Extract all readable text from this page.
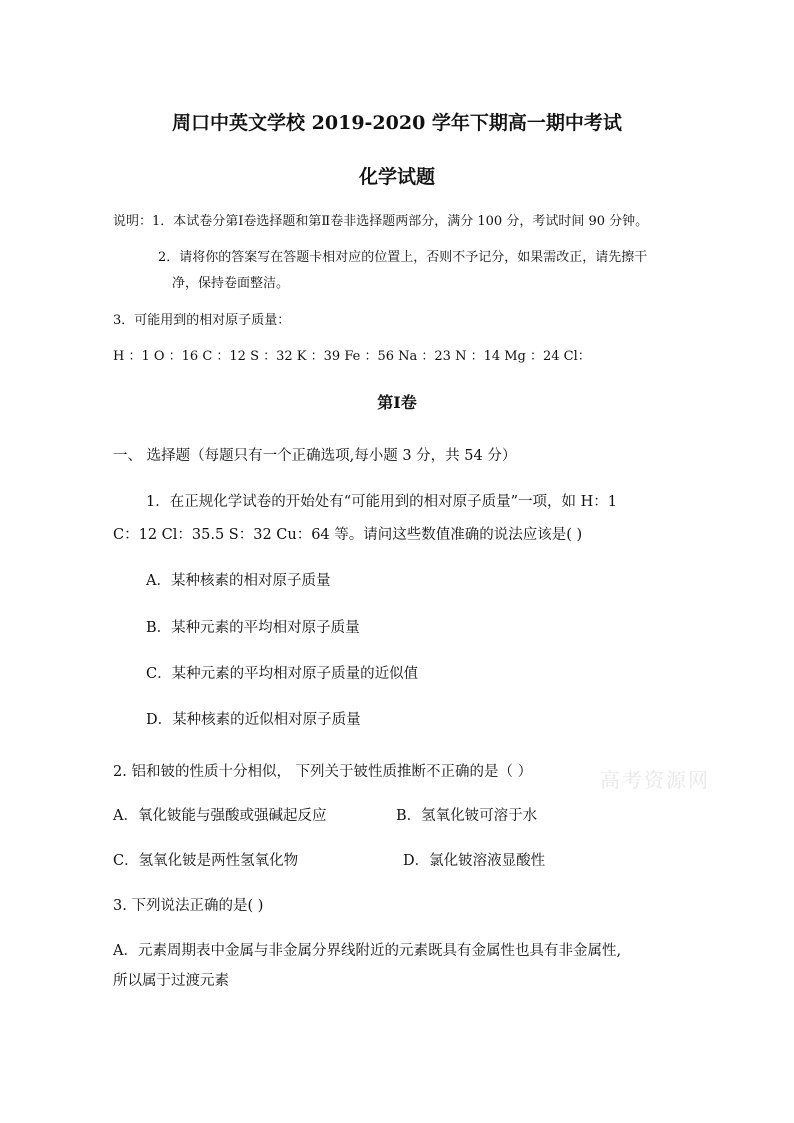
周口中英文学校 2019-2020 学年下期高一期中考试
化学试题
说明：1．本试卷分第Ⅰ卷选择题和第Ⅱ卷非选择题两部分，满分 100 分，考试时间 90 分钟。
2．请将你的答案写在答题卡相对应的位置上，否则不予记分，如果需改正，请先擦干
净，保持卷面整洁。
3．可能用到的相对原子质量：
H ：1 O ：16 C ：12 S ：32 K ：39 Fe ：56 Na ：23 N ：14 Mg ：24 Cl：
第Ⅰ卷
一、 选择题（每题只有一个正确选项,每小题 3 分，共 54 分）
1．在正规化学试卷的开始处有“可能用到的相对原子质量”一项，如 H：1
C：12 Cl：35.5 S：32 Cu：64 等。请问这些数值准确的说法应该是( )
A．某种核素的相对原子质量
B．某种元素的平均相对原子质量
C．某种元素的平均相对原子质量的近似值
D．某种核素的近似相对原子质量
2. 铝和铍的性质十分相似， 下列关于铍性质推断不正确的是（ ）	高考资源网
A．氧化铍能与强酸或强碱起反应	B．氢氧化铍可溶于水
C．氢氧化铍是两性氢氧化物	D．氯化铍溶液显酸性
3. 下列说法正确的是( )
A．元素周期表中金属与非金属分界线附近的元素既具有金属性也具有非金属性,
所以属于过渡元素
